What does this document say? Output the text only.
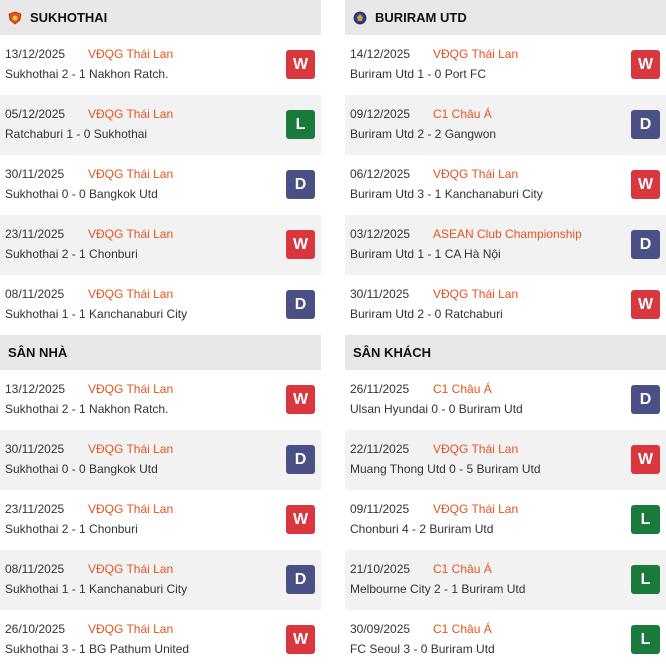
SUKHOTHAI
13/12/2025 VĐQG Thái Lan
Sukhothai 2 - 1 Nakhon Ratch.
W
05/12/2025 VĐQG Thái Lan
Ratchaburi 1 - 0 Sukhothai
L
30/11/2025 VĐQG Thái Lan
Sukhothai 0 - 0 Bangkok Utd
D
23/11/2025 VĐQG Thái Lan
Sukhothai 2 - 1 Chonburi
W
08/11/2025 VĐQG Thái Lan
Sukhothai 1 - 1 Kanchanaburi City
D
SÂN NHÀ
13/12/2025 VĐQG Thái Lan
Sukhothai 2 - 1 Nakhon Ratch.
W
30/11/2025 VĐQG Thái Lan
Sukhothai 0 - 0 Bangkok Utd
D
23/11/2025 VĐQG Thái Lan
Sukhothai 2 - 1 Chonburi
W
08/11/2025 VĐQG Thái Lan
Sukhothai 1 - 1 Kanchanaburi City
D
26/10/2025 VĐQG Thái Lan
Sukhothai 3 - 1 BG Pathum United
W
BURIRAM UTD
14/12/2025 VĐQG Thái Lan
Buriram Utd 1 - 0 Port FC
W
09/12/2025 C1 Châu Á
Buriram Utd 2 - 2 Gangwon
D
06/12/2025 VĐQG Thái Lan
Buriram Utd 3 - 1 Kanchanaburi City
W
03/12/2025 ASEAN Club Championship
Buriram Utd 1 - 1 CA Hà Nội
D
30/11/2025 VĐQG Thái Lan
Buriram Utd 2 - 0 Ratchaburi
W
SÂN KHÁCH
26/11/2025 C1 Châu Á
Ulsan Hyundai 0 - 0 Buriram Utd
D
22/11/2025 VĐQG Thái Lan
Muang Thong Utd 0 - 5 Buriram Utd
W
09/11/2025 VĐQG Thái Lan
Chonburi 4 - 2 Buriram Utd
L
21/10/2025 C1 Châu Á
Melbourne City 2 - 1 Buriram Utd
L
30/09/2025 C1 Châu Á
FC Seoul 3 - 0 Buriram Utd
L
